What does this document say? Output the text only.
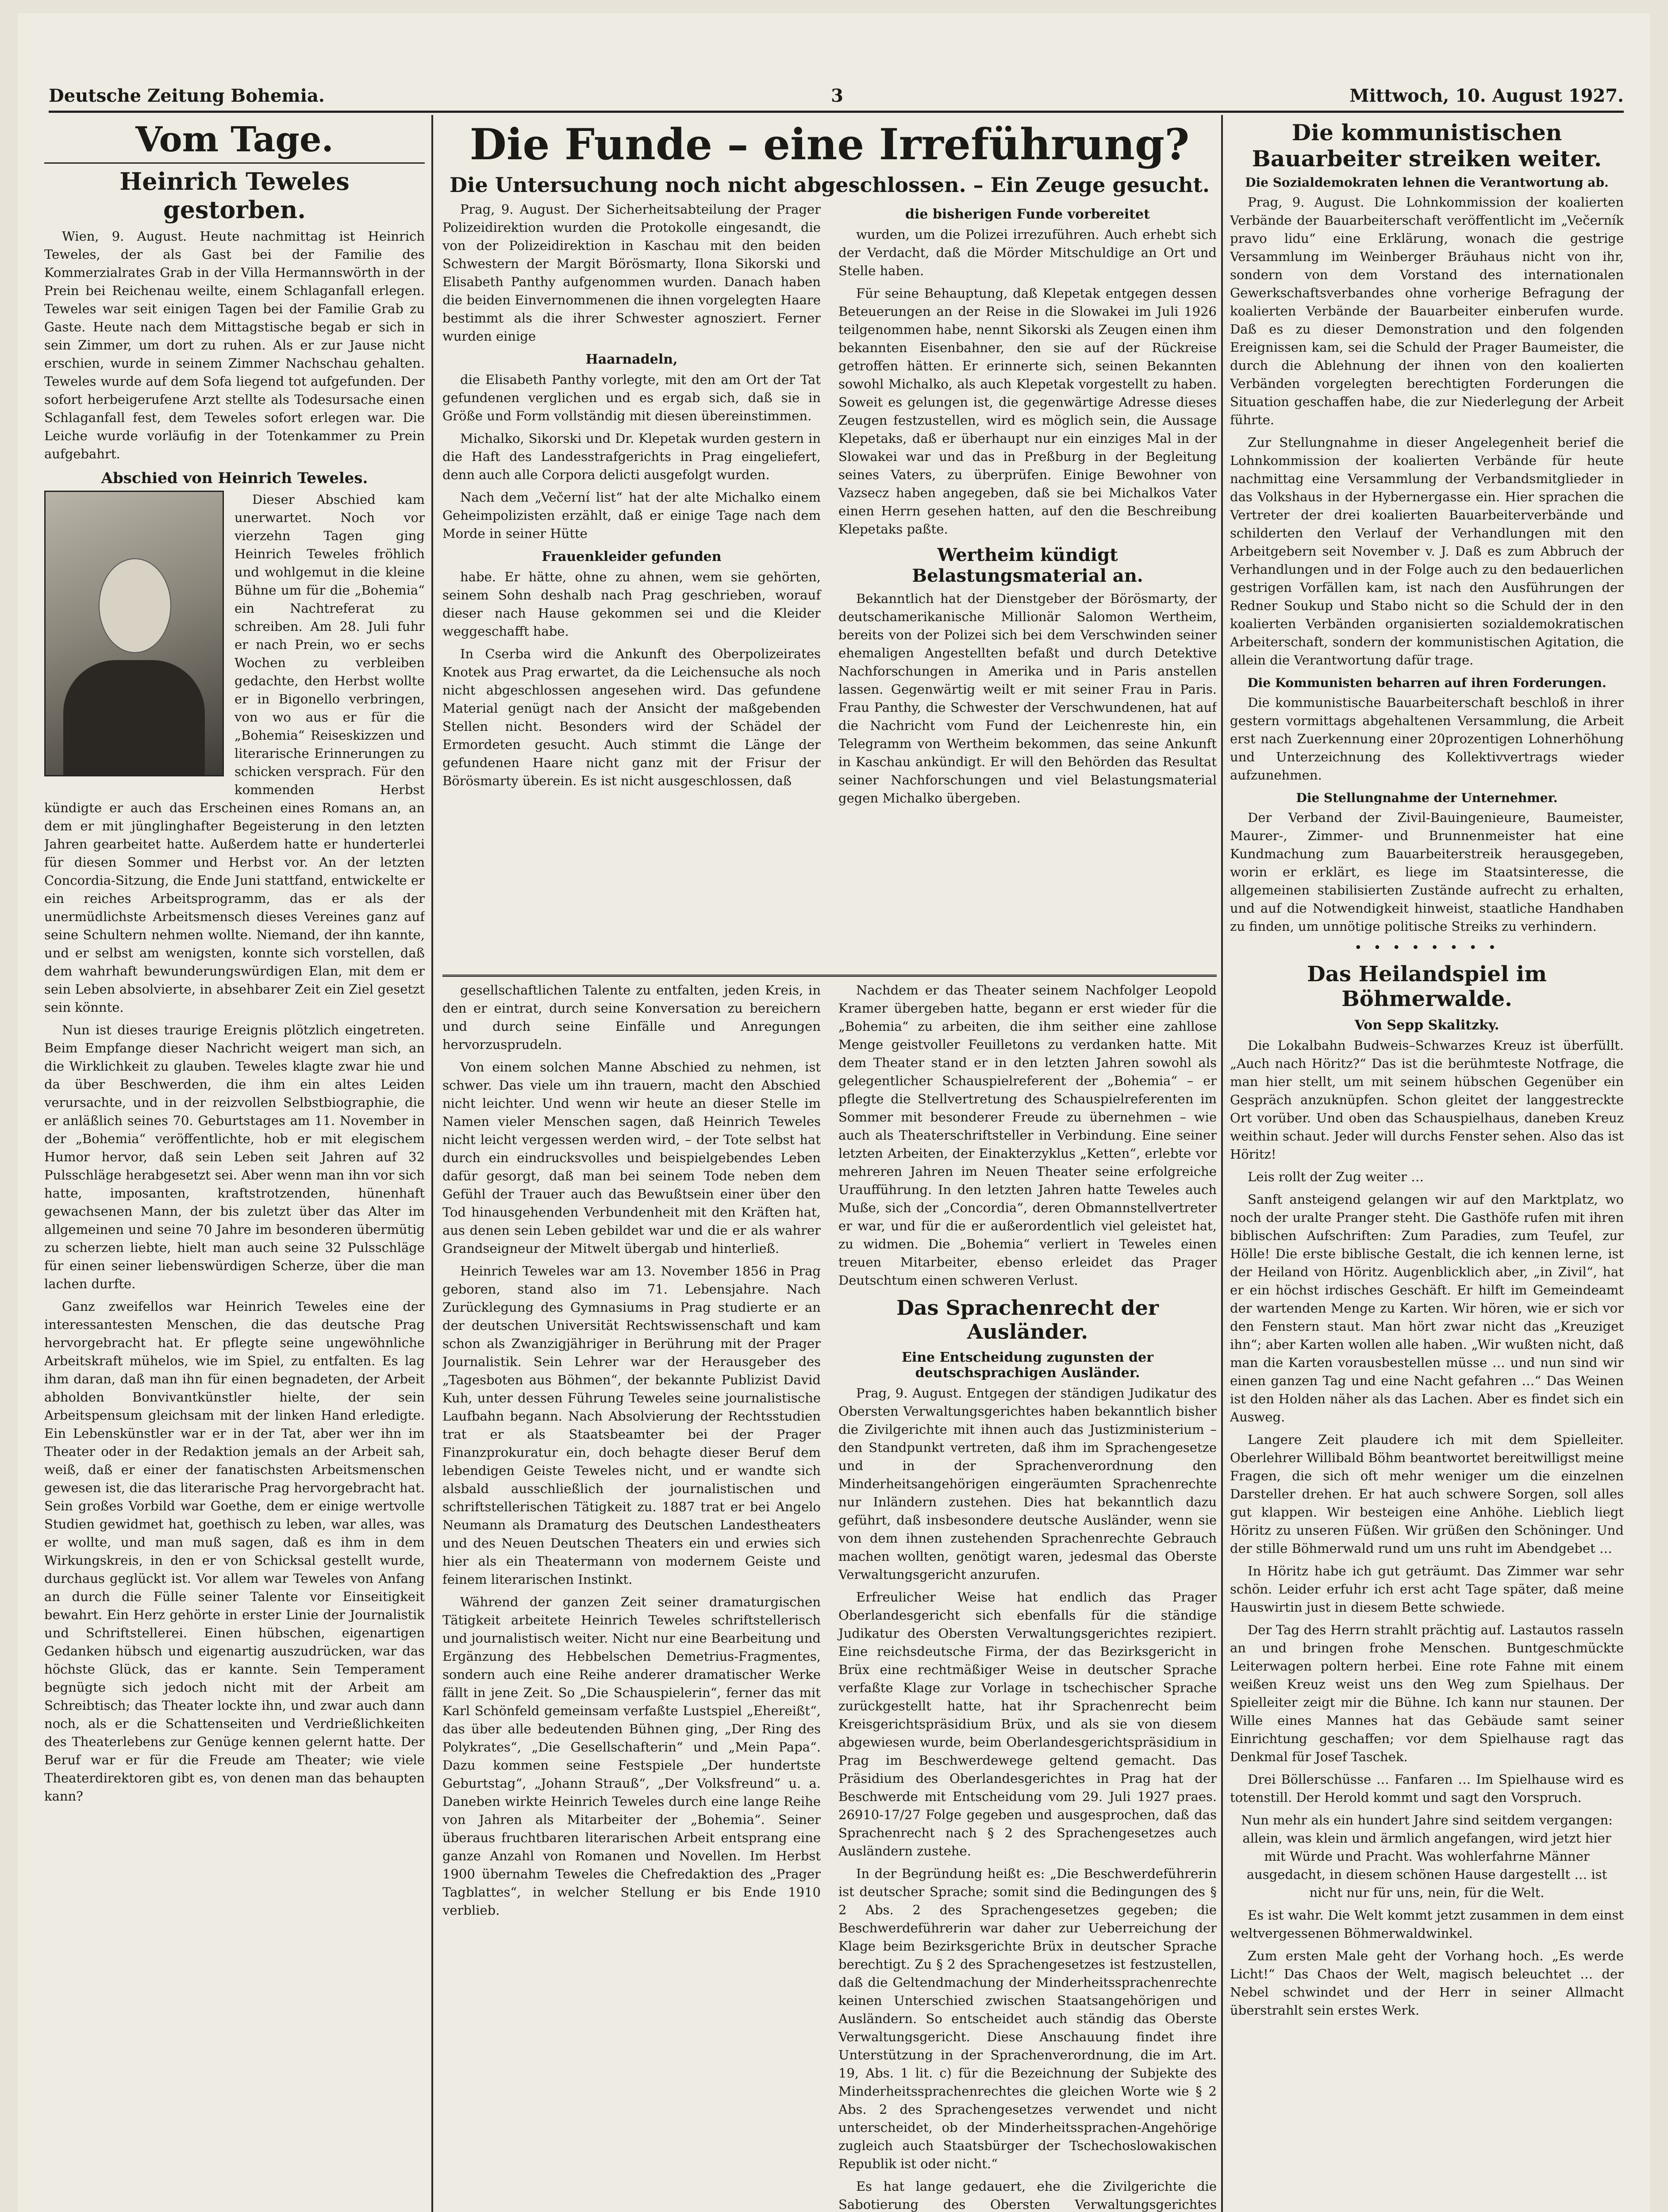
Deutsche Zeitung Bohemia.	3	Mittwoch, 10. August 1927.
Vom Tage.
Heinrich Teweles gestorben.

Wien, 9. August. Heute nachmittag ist Heinrich Teweles, der als Gast bei der Familie des Kommerzialrates Grab in der Villa Hermannswörth in der Prein bei Reichenau weilte, einem Schlaganfall erlegen. Teweles war seit einigen Tagen bei der Familie Grab zu Gaste. Heute nach dem Mittagstische begab er sich in sein Zimmer, um dort zu ruhen. Als er zur Jause nicht erschien, wurde in seinem Zimmer Nachschau gehalten. Teweles wurde auf dem Sofa liegend tot aufgefunden. Der sofort herbeigerufene Arzt stellte als Todesursache einen Schlaganfall fest, dem Teweles sofort erlegen war. Die Leiche wurde vorläufig in der Totenkammer zu Prein aufgebahrt.

Abschied von Heinrich Teweles.

Dieser Abschied kam unerwartet. Noch vor vierzehn Tagen ging Heinrich Teweles fröhlich und wohlgemut in die kleine Bühne um für die „Bohemia“ ein Nachtreferat zu schreiben. Am 28. Juli fuhr er nach Prein, wo er sechs Wochen zu verbleiben gedachte, den Herbst wollte er in Bigonello verbringen, von wo aus er für die „Bohemia“ Reiseskizzen und literarische Erinnerungen zu schicken versprach. Für den kommenden Herbst kündigte er auch das Erscheinen eines Romans an, an dem er mit jünglinghafter Begeisterung in den letzten Jahren gearbeitet hatte. Außerdem hatte er hunderterlei für diesen Sommer und Herbst vor. An der letzten Concordia-Sitzung, die Ende Juni stattfand, entwickelte er ein reiches Arbeitsprogramm, das er als der unermüdlichste Arbeitsmensch dieses Vereines ganz auf seine Schultern nehmen wollte. Niemand, der ihn kannte, und er selbst am wenigsten, konnte sich vorstellen, daß dem wahrhaft bewunderungswürdigen Elan, mit dem er sein Leben absolvierte, in absehbarer Zeit ein Ziel gesetzt sein könnte.

Nun ist dieses traurige Ereignis plötzlich eingetreten. Beim Empfange dieser Nachricht weigert man sich, an die Wirklichkeit zu glauben. Teweles klagte zwar hie und da über Beschwerden, die ihm ein altes Leiden verursachte, und in der reizvollen Selbstbiographie, die er anläßlich seines 70. Geburtstages am 11. November in der „Bohemia“ veröffentlichte, hob er mit elegischem Humor hervor, daß sein Leben seit Jahren auf 32 Pulsschläge herabgesetzt sei. Aber wenn man ihn vor sich hatte, imposanten, kraftstrotzenden, hünenhaft gewachsenen Mann, der bis zuletzt über das Alter im allgemeinen und seine 70 Jahre im besonderen übermütig zu scherzen liebte, hielt man auch seine 32 Pulsschläge für einen seiner liebenswürdigen Scherze, über die man lachen durfte.

Ganz zweifellos war Heinrich Teweles eine der interessantesten Menschen, die das deutsche Prag hervorgebracht hat. Er pflegte seine ungewöhnliche Arbeitskraft mühelos, wie im Spiel, zu entfalten. Es lag ihm daran, daß man ihn für einen begnadeten, der Arbeit abholden Bonvivantkünstler hielte, der sein Arbeitspensum gleichsam mit der linken Hand erledigte. Ein Lebenskünstler war er in der Tat, aber wer ihn im Theater oder in der Redaktion jemals an der Arbeit sah, weiß, daß er einer der fanatischsten Arbeitsmenschen gewesen ist, die das literarische Prag hervorgebracht hat. Sein großes Vorbild war Goethe, dem er einige wertvolle Studien gewidmet hat, goethisch zu leben, war alles, was er wollte, und man muß sagen, daß es ihm in dem Wirkungskreis, in den er von Schicksal gestellt wurde, durchaus geglückt ist. Vor allem war Teweles von Anfang an durch die Fülle seiner Talente vor Einseitigkeit bewahrt. Ein Herz gehörte in erster Linie der Journalistik und Schriftstellerei. Einen hübschen, eigenartigen Gedanken hübsch und eigenartig auszudrücken, war das höchste Glück, das er kannte. Sein Temperament begnügte sich jedoch nicht mit der Arbeit am Schreibtisch; das Theater lockte ihn, und zwar auch dann noch, als er die Schattenseiten und Verdrießlichkeiten des Theaterlebens zur Genüge kennen gelernt hatte. Der Beruf war er für die Freude am Theater; wie viele Theaterdirektoren gibt es, von denen man das behaupten kann?

Die Funde – eine Irreführung?
Die Untersuchung noch nicht abgeschlossen. – Ein Zeuge gesucht.

Prag, 9. August. Der Sicherheitsabteilung der Prager Polizeidirektion wurden die Protokolle eingesandt, die von der Polizeidirektion in Kaschau mit den beiden Schwestern der Margit Börösmarty, Ilona Sikorski und Elisabeth Panthy aufgenommen wurden. Danach haben die beiden Einvernommenen die ihnen vorgelegten Haare bestimmt als die ihrer Schwester agnosziert. Ferner wurden einige

Haarnadeln,

die Elisabeth Panthy vorlegte, mit den am Ort der Tat gefundenen verglichen und es ergab sich, daß sie in Größe und Form vollständig mit diesen übereinstimmen.

Michalko, Sikorski und Dr. Klepetak wurden gestern in die Haft des Landesstrafgerichts in Prag eingeliefert, denn auch alle Corpora delicti ausgefolgt wurden.

Nach dem „Večerní list“ hat der alte Michalko einem Geheimpolizisten erzählt, daß er einige Tage nach dem Morde in seiner Hütte

Frauenkleider gefunden

habe. Er hätte, ohne zu ahnen, wem sie gehörten, seinem Sohn deshalb nach Prag geschrieben, worauf dieser nach Hause gekommen sei und die Kleider weggeschafft habe.

In Cserba wird die Ankunft des Oberpolizeirates Knotek aus Prag erwartet, da die Leichensuche als noch nicht abgeschlossen angesehen wird. Das gefundene Material genügt nach der Ansicht der maßgebenden Stellen nicht. Besonders wird der Schädel der Ermordeten gesucht. Auch stimmt die Länge der gefundenen Haare nicht ganz mit der Frisur der Börösmarty überein. Es ist nicht ausgeschlossen, daß

die bisherigen Funde vorbereitet

wurden, um die Polizei irrezuführen. Auch erhebt sich der Verdacht, daß die Mörder Mitschuldige an Ort und Stelle haben.

Für seine Behauptung, daß Klepetak entgegen dessen Beteuerungen an der Reise in die Slowakei im Juli 1926 teilgenommen habe, nennt Sikorski als Zeugen einen ihm bekannten Eisenbahner, den sie auf der Rückreise getroffen hätten. Er erinnerte sich, seinen Bekannten sowohl Michalko, als auch Klepetak vorgestellt zu haben. Soweit es gelungen ist, die gegenwärtige Adresse dieses Zeugen festzustellen, wird es möglich sein, die Aussage Klepetaks, daß er überhaupt nur ein einziges Mal in der Slowakei war und das in Preßburg in der Begleitung seines Vaters, zu überprüfen. Einige Bewohner von Vazsecz haben angegeben, daß sie bei Michalkos Vater einen Herrn gesehen hatten, auf den die Beschreibung Klepetaks paßte.

Wertheim kündigt Belastungsmaterial an.

Bekanntlich hat der Dienstgeber der Börösmarty, der deutschamerikanische Millionär Salomon Wertheim, bereits von der Polizei sich bei dem Verschwinden seiner ehemaligen Angestellten befaßt und durch Detektive Nachforschungen in Amerika und in Paris anstellen lassen. Gegenwärtig weilt er mit seiner Frau in Paris. Frau Panthy, die Schwester der Verschwundenen, hat auf die Nachricht vom Fund der Leichenreste hin, ein Telegramm von Wertheim bekommen, das seine Ankunft in Kaschau ankündigt. Er will den Behörden das Resultat seiner Nachforschungen und viel Belastungsmaterial gegen Michalko übergeben.

gesellschaftlichen Talente zu entfalten, jeden Kreis, in den er eintrat, durch seine Konversation zu bereichern und durch seine Einfälle und Anregungen hervorzusprudeln.

Von einem solchen Manne Abschied zu nehmen, ist schwer. Das viele um ihn trauern, macht den Abschied nicht leichter. Und wenn wir heute an dieser Stelle im Namen vieler Menschen sagen, daß Heinrich Teweles nicht leicht vergessen werden wird, – der Tote selbst hat durch ein eindrucksvolles und beispielgebendes Leben dafür gesorgt, daß man bei seinem Tode neben dem Gefühl der Trauer auch das Bewußtsein einer über den Tod hinausgehenden Verbundenheit mit den Kräften hat, aus denen sein Leben gebildet war und die er als wahrer Grandseigneur der Mitwelt übergab und hinterließ.

Heinrich Teweles war am 13. November 1856 in Prag geboren, stand also im 71. Lebensjahre. Nach Zurücklegung des Gymnasiums in Prag studierte er an der deutschen Universität Rechtswissenschaft und kam schon als Zwanzigjähriger in Berührung mit der Prager Journalistik. Sein Lehrer war der Herausgeber des „Tagesboten aus Böhmen“, der bekannte Publizist David Kuh, unter dessen Führung Teweles seine journalistische Laufbahn begann. Nach Absolvierung der Rechtsstudien trat er als Staatsbeamter bei der Prager Finanzprokuratur ein, doch behagte dieser Beruf dem lebendigen Geiste Teweles nicht, und er wandte sich alsbald ausschließlich der journalistischen und schriftstellerischen Tätigkeit zu. 1887 trat er bei Angelo Neumann als Dramaturg des Deutschen Landestheaters und des Neuen Deutschen Theaters ein und erwies sich hier als ein Theatermann von modernem Geiste und feinem literarischen Instinkt.

Während der ganzen Zeit seiner dramaturgischen Tätigkeit arbeitete Heinrich Teweles schriftstellerisch und journalistisch weiter. Nicht nur eine Bearbeitung und Ergänzung des Hebbelschen Demetrius-Fragmentes, sondern auch eine Reihe anderer dramatischer Werke fällt in jene Zeit. So „Die Schauspielerin“, ferner das mit Karl Schönfeld gemeinsam verfaßte Lustspiel „Ehereißt“, das über alle bedeutenden Bühnen ging, „Der Ring des Polykrates“, „Die Gesellschafterin“ und „Mein Papa“. Dazu kommen seine Festspiele „Der hundertste Geburtstag“, „Johann Strauß“, „Der Volksfreund“ u. a. Daneben wirkte Heinrich Teweles durch eine lange Reihe von Jahren als Mitarbeiter der „Bohemia“. Seiner überaus fruchtbaren literarischen Arbeit entsprang eine ganze Anzahl von Romanen und Novellen. Im Herbst 1900 übernahm Teweles die Chefredaktion des „Prager Tagblattes“, in welcher Stellung er bis Ende 1910 verblieb.

Nachdem er das Theater seinem Nachfolger Leopold Kramer übergeben hatte, begann er erst wieder für die „Bohemia“ zu arbeiten, die ihm seither eine zahllose Menge geistvoller Feuilletons zu verdanken hatte. Mit dem Theater stand er in den letzten Jahren sowohl als gelegentlicher Schauspielreferent der „Bohemia“ – er pflegte die Stellvertretung des Schauspielreferenten im Sommer mit besonderer Freude zu übernehmen – wie auch als Theaterschriftsteller in Verbindung. Eine seiner letzten Arbeiten, der Einakterzyklus „Ketten“, erlebte vor mehreren Jahren im Neuen Theater seine erfolgreiche Uraufführung. In den letzten Jahren hatte Teweles auch Muße, sich der „Concordia“, deren Obmannstellvertreter er war, und für die er außerordentlich viel geleistet hat, zu widmen. Die „Bohemia“ verliert in Teweles einen treuen Mitarbeiter, ebenso erleidet das Prager Deutschtum einen schweren Verlust.

Das Sprachenrecht der Ausländer.
Eine Entscheidung zugunsten der deutschsprachigen Ausländer.

Prag, 9. August. Entgegen der ständigen Judikatur des Obersten Verwaltungsgerichtes haben bekanntlich bisher die Zivilgerichte mit ihnen auch das Justizministerium – den Standpunkt vertreten, daß ihm im Sprachengesetze und in der Sprachenverordnung den Minderheitsangehörigen eingeräumten Sprachenrechte nur Inländern zustehen. Dies hat bekanntlich dazu geführt, daß insbesondere deutsche Ausländer, wenn sie von dem ihnen zustehenden Sprachenrechte Gebrauch machen wollten, genötigt waren, jedesmal das Oberste Verwaltungsgericht anzurufen.

Erfreulicher Weise hat endlich das Prager Oberlandesgericht sich ebenfalls für die ständige Judikatur des Obersten Verwaltungsgerichtes rezipiert. Eine reichsdeutsche Firma, der das Bezirksgericht in Brüx eine rechtmäßiger Weise in deutscher Sprache verfaßte Klage zur Vorlage in tschechischer Sprache zurückgestellt hatte, hat ihr Sprachenrecht beim Kreisgerichtspräsidium Brüx, und als sie von diesem abgewiesen wurde, beim Oberlandesgerichtspräsidium in Prag im Beschwerdewege geltend gemacht. Das Präsidium des Oberlandesgerichtes in Prag hat der Beschwerde mit Entscheidung vom 29. Juli 1927 praes. 26910-17/27 Folge gegeben und ausgesprochen, daß das Sprachenrecht nach § 2 des Sprachengesetzes auch Ausländern zustehe.

In der Begründung heißt es: „Die Beschwerdeführerin ist deutscher Sprache; somit sind die Bedingungen des § 2 Abs. 2 des Sprachengesetzes gegeben; die Beschwerdeführerin war daher zur Ueberreichung der Klage beim Bezirksgerichte Brüx in deutscher Sprache berechtigt. Zu § 2 des Sprachengesetzes ist festzustellen, daß die Geltendmachung der Minderheitssprachenrechte keinen Unterschied zwischen Staatsangehörigen und Ausländern. So entscheidet auch ständig das Oberste Verwaltungsgericht. Diese Anschauung findet ihre Unterstützung in der Sprachenverordnung, die im Art. 19, Abs. 1 lit. c) für die Bezeichnung der Subjekte des Minderheitssprachenrechtes die gleichen Worte wie § 2 Abs. 2 des Sprachengesetzes verwendet und nicht unterscheidet, ob der Minderheitssprachen-Angehörige zugleich auch Staatsbürger der Tschechoslowakischen Republik ist oder nicht.“

Es hat lange gedauert, ehe die Zivilgerichte die Sabotierung des Obersten Verwaltungsgerichtes

Die kommunistischen Bauarbeiter streiken weiter.
Die Sozialdemokraten lehnen die Verantwortung ab.

Prag, 9. August. Die Lohnkommission der koalierten Verbände der Bauarbeiterschaft veröffentlicht im „Večerník pravo lidu“ eine Erklärung, wonach die gestrige Versammlung im Weinberger Bräuhaus nicht von ihr, sondern von dem Vorstand des internationalen Gewerkschaftsverbandes ohne vorherige Befragung der koalierten Verbände der Bauarbeiter einberufen wurde. Daß es zu dieser Demonstration und den folgenden Ereignissen kam, sei die Schuld der Prager Baumeister, die durch die Ablehnung der ihnen von den koalierten Verbänden vorgelegten berechtigten Forderungen die Situation geschaffen habe, die zur Niederlegung der Arbeit führte.

Zur Stellungnahme in dieser Angelegenheit berief die Lohnkommission der koalierten Verbände für heute nachmittag eine Versammlung der Verbandsmitglieder in das Volkshaus in der Hybernergasse ein. Hier sprachen die Vertreter der drei koalierten Bauarbeiterverbände und schilderten den Verlauf der Verhandlungen mit den Arbeitgebern seit November v. J. Daß es zum Abbruch der Verhandlungen und in der Folge auch zu den bedauerlichen gestrigen Vorfällen kam, ist nach den Ausführungen der Redner Soukup und Stabo nicht so die Schuld der in den koalierten Verbänden organisierten sozialdemokratischen Arbeiterschaft, sondern der kommunistischen Agitation, die allein die Verantwortung dafür trage.

Die Kommunisten beharren auf ihren Forderungen.

Die kommunistische Bauarbeiterschaft beschloß in ihrer gestern vormittags abgehaltenen Versammlung, die Arbeit erst nach Zuerkennung einer 20prozentigen Lohnerhöhung und Unterzeichnung des Kollektivvertrags wieder aufzunehmen.

Die Stellungnahme der Unternehmer.

Der Verband der Zivil-Bauingenieure, Baumeister, Maurer-, Zimmer- und Brunnenmeister hat eine Kundmachung zum Bauarbeiterstreik herausgegeben, worin er erklärt, es liege im Staatsinteresse, die allgemeinen stabilisierten Zustände aufrecht zu erhalten, und auf die Notwendigkeit hinweist, staatliche Handhaben zu finden, um unnötige politische Streiks zu verhindern.

• • • • • • • •
Das Heilandspiel im Böhmerwalde.
Von Sepp Skalitzky.

Die Lokalbahn Budweis–Schwarzes Kreuz ist überfüllt. „Auch nach Höritz?“ Das ist die berühmteste Notfrage, die man hier stellt, um mit seinem hübschen Gegenüber ein Gespräch anzuknüpfen. Schon gleitet der langgestreckte Ort vorüber. Und oben das Schauspielhaus, daneben Kreuz weithin schaut. Jeder will durchs Fenster sehen. Also das ist Höritz!

Leis rollt der Zug weiter …

Sanft ansteigend gelangen wir auf den Marktplatz, wo noch der uralte Pranger steht. Die Gasthöfe rufen mit ihren biblischen Aufschriften: Zum Paradies, zum Teufel, zur Hölle! Die erste biblische Gestalt, die ich kennen lerne, ist der Heiland von Höritz. Augenblicklich aber, „in Zivil“, hat er ein höchst irdisches Geschäft. Er hilft im Gemeindeamt der wartenden Menge zu Karten. Wir hören, wie er sich vor den Fenstern staut. Man hört zwar nicht das „Kreuziget ihn“; aber Karten wollen alle haben. „Wir wußten nicht, daß man die Karten vorausbestellen müsse … und nun sind wir einen ganzen Tag und eine Nacht gefahren …“ Das Weinen ist den Holden näher als das Lachen. Aber es findet sich ein Ausweg.

Langere Zeit plaudere ich mit dem Spielleiter. Oberlehrer Willibald Böhm beantwortet bereitwilligst meine Fragen, die sich oft mehr weniger um die einzelnen Darsteller drehen. Er hat auch schwere Sorgen, soll alles gut klappen. Wir besteigen eine Anhöhe. Lieblich liegt Höritz zu unseren Füßen. Wir grüßen den Schöninger. Und der stille Böhmerwald rund um uns ruht im Abendgebet …

In Höritz habe ich gut geträumt. Das Zimmer war sehr schön. Leider erfuhr ich erst acht Tage später, daß meine Hauswirtin just in diesem Bette schwiede.

Der Tag des Herrn strahlt prächtig auf. Lastautos rasseln an und bringen frohe Menschen. Buntgeschmückte Leiterwagen poltern herbei. Eine rote Fahne mit einem weißen Kreuz weist uns den Weg zum Spielhaus. Der Spielleiter zeigt mir die Bühne. Ich kann nur staunen. Der Wille eines Mannes hat das Gebäude samt seiner Einrichtung geschaffen; vor dem Spielhause ragt das Denkmal für Josef Taschek.

Drei Böllerschüsse … Fanfaren … Im Spielhause wird es totenstill. Der Herold kommt und sagt den Vorspruch.

Nun mehr als ein hundert Jahre sind seitdem vergangen: allein, was klein und ärmlich angefangen, wird jetzt hier mit Würde und Pracht. Was wohlerfahrne Männer ausgedacht, in diesem schönen Hause dargestellt … ist nicht nur für uns, nein, für die Welt.

Es ist wahr. Die Welt kommt jetzt zusammen in dem einst weltvergessenen Böhmerwaldwinkel.

Zum ersten Male geht der Vorhang hoch. „Es werde Licht!“ Das Chaos der Welt, magisch beleuchtet … der Nebel schwindet und der Herr in seiner Allmacht überstrahlt sein erstes Werk.
